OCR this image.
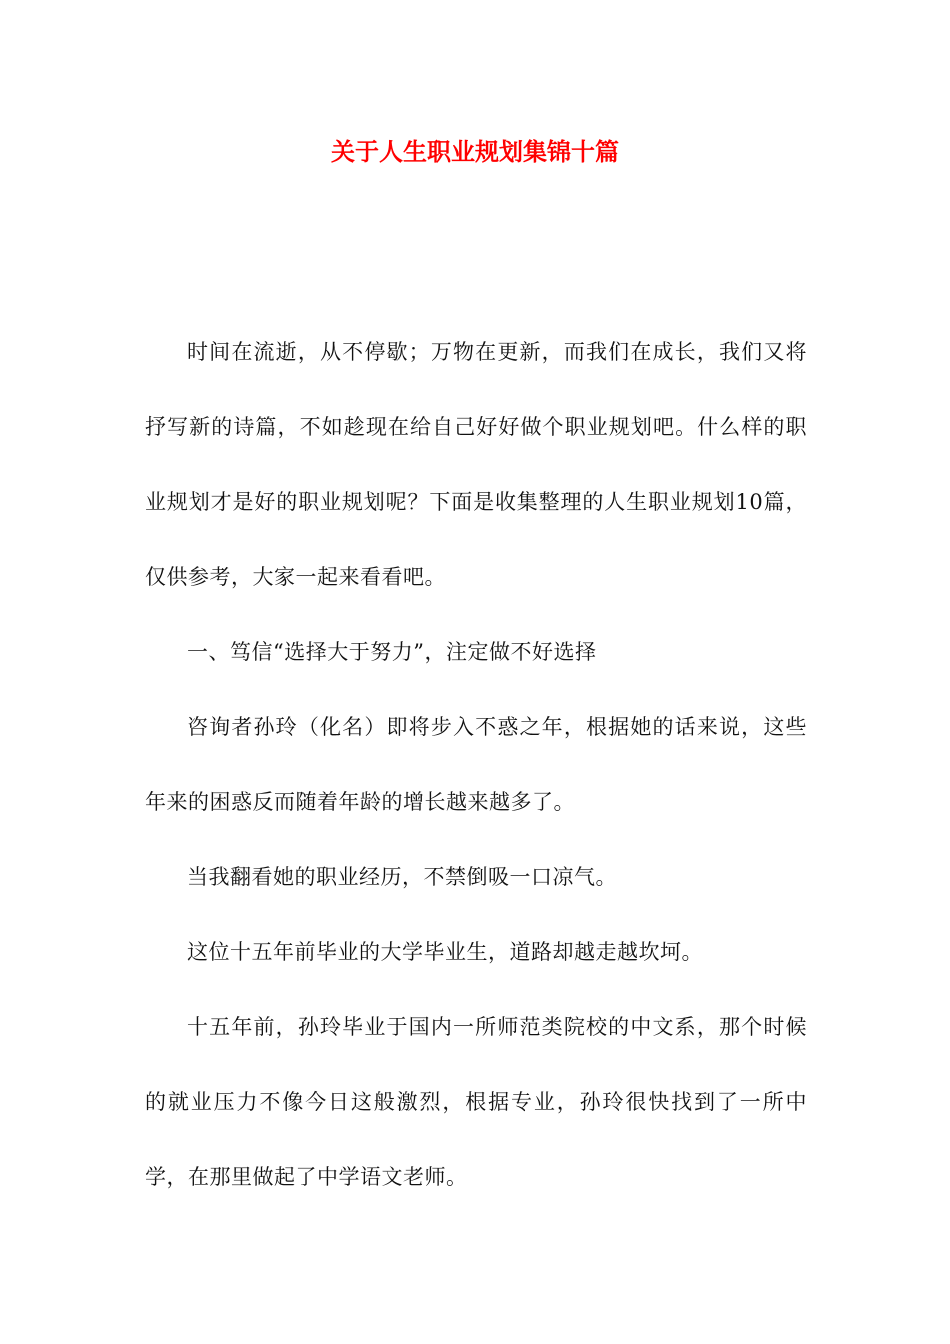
关于人生职业规划集锦十篇

时间在流逝，从不停歇；万物在更新，而我们在成长，我们又将抒写新的诗篇，不如趁现在给自己好好做个职业规划吧。什么样的职业规划才是好的职业规划呢？下面是收集整理的人生职业规划10篇，仅供参考，大家一起来看看吧。

一、笃信“选择大于努力”，注定做不好选择

咨询者孙玲（化名）即将步入不惑之年，根据她的话来说，这些年来的困惑反而随着年龄的增长越来越多了。

当我翻看她的职业经历，不禁倒吸一口凉气。

这位十五年前毕业的大学毕业生，道路却越走越坎坷。

十五年前，孙玲毕业于国内一所师范类院校的中文系，那个时候的就业压力不像今日这般激烈，根据专业，孙玲很快找到了一所中学，在那里做起了中学语文老师。
